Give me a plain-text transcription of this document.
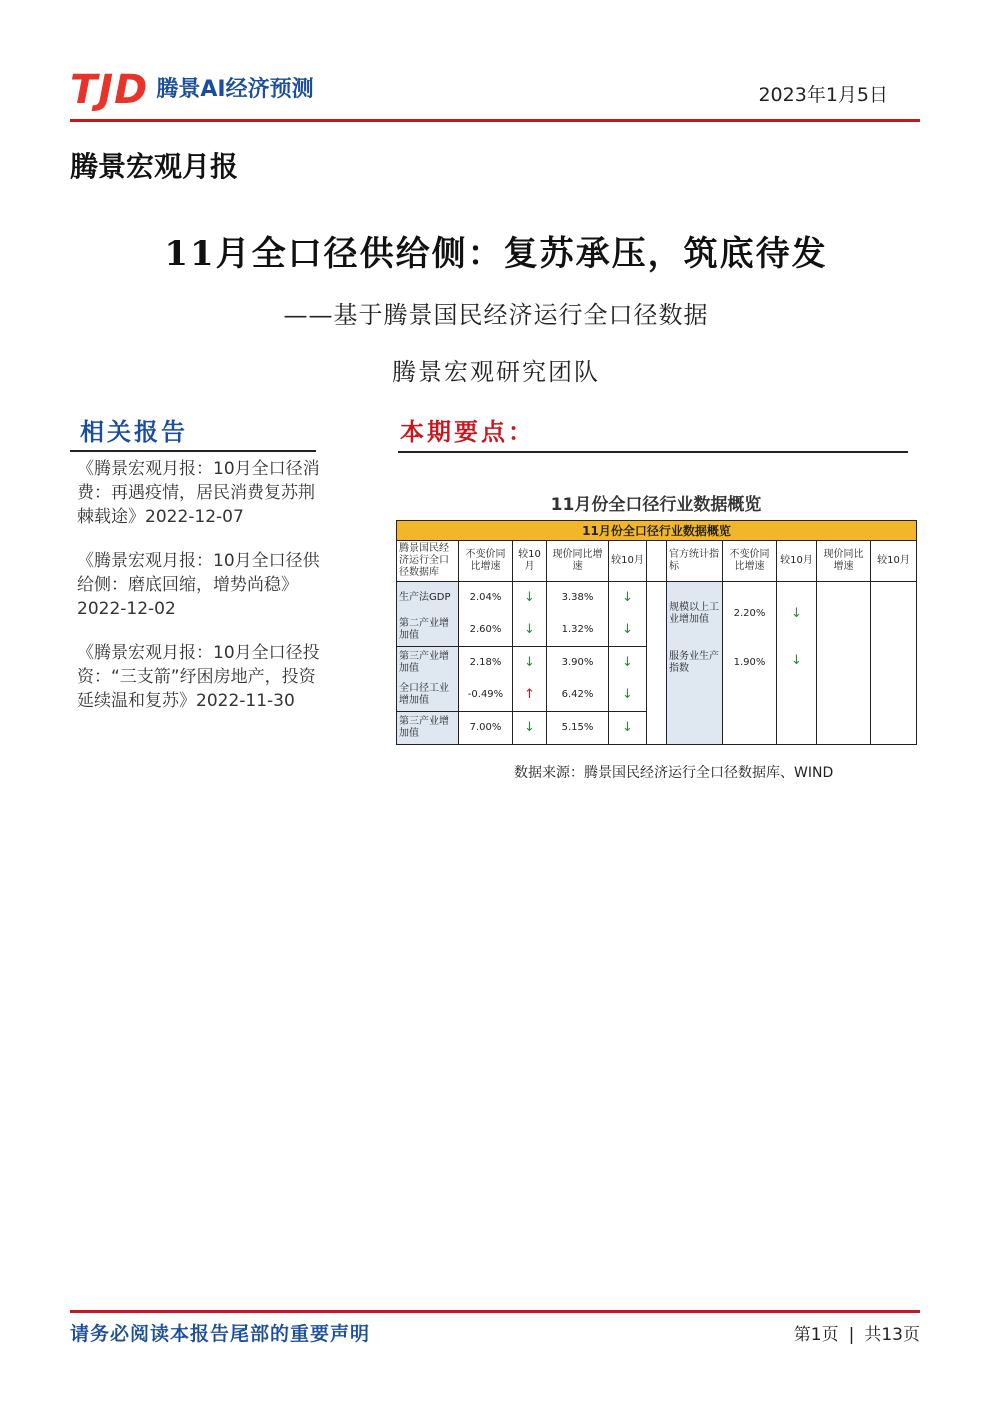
TJD 腾景AI经济预测	2023年1月5日
腾景宏观月报
11月全口径供给侧：复苏承压，筑底待发
——基于腾景国民经济运行全口径数据
腾景宏观研究团队
相关报告
《腾景宏观月报：10月全口径消费：再遇疫情，居民消费复苏荆棘载途》2022-12-07
《腾景宏观月报：10月全口径供给侧：磨底回缩，增势尚稳》2022-12-02
《腾景宏观月报：10月全口径投资：“三支箭”纾困房地产，投资延续温和复苏》2022-11-30
本期要点：
11月份全口径行业数据概览
11月份全口径行业数据概览										
腾景国民经济运行全口径数据库	不变价同比增速	较10月	现价同比增速	较10月		官方统计指标	不变价同比增速	较10月	现价同比增速	较10月
生产法GDP	2.04%	↓	3.38%	↓		规模以上工业增加值	2.20%	↓		
第二产业增加值	2.60%	↓	1.32%	↓						
第三产业增加值	2.18%	↓	3.90%	↓		服务业生产指数	1.90%	↓		
全口径工业增加值	-0.49%	↑	6.42%	↓						
第三产业增加值	7.00%	↓	5.15%	↓						
数据来源：腾景国民经济运行全口径数据库、WIND
请务必阅读本报告尾部的重要声明	第1页 | 共13页
